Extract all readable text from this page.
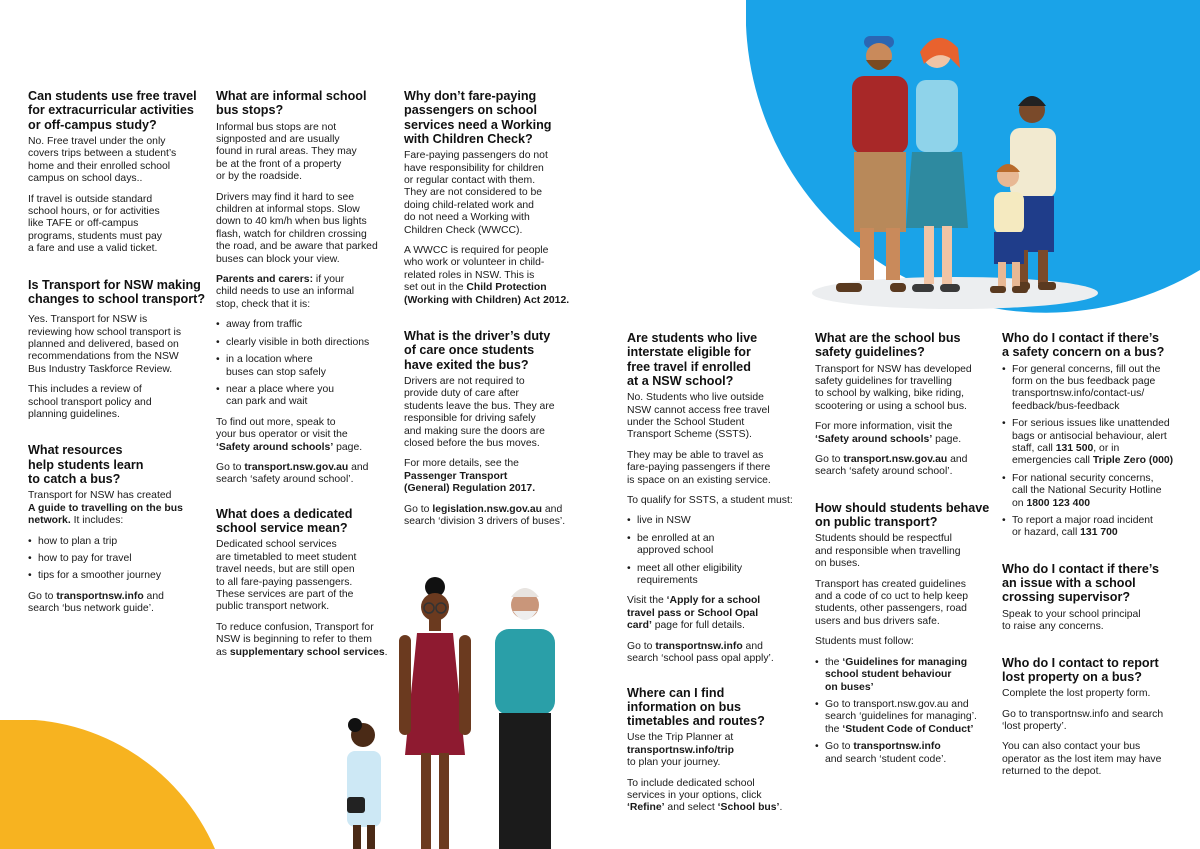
Can students use free travel
for extracurricular activities
or off-campus study?

No. Free travel under the only
covers trips between a student’s
home and their enrolled school
campus on school days..

If travel is outside standard
school hours, or for activities
like TAFE or off-campus
programs, students must pay
a fare and use a valid ticket.

Is Transport for NSW making
changes to school transport?

Yes. Transport for NSW is
reviewing how school transport is
planned and delivered, based on
recommendations from the NSW
Bus Industry Taskforce Review.

This includes a review of
school transport policy and
planning guidelines.

What resources
help students learn
to catch a bus?

Transport for NSW has created
A guide to travelling on the bus
network. It includes:

• how to plan a trip
• how to pay for travel
• tips for a smoother journey

Go to transportnsw.info and
search ‘bus network guide’.

What are informal school
bus stops?

Informal bus stops are not
signposted and are usually
found in rural areas. They may
be at the front of a property
or by the roadside.

Drivers may find it hard to see
children at informal stops. Slow
down to 40 km/h when bus lights
flash, watch for children crossing
the road, and be aware that parked
buses can block your view.

Parents and carers: if your
child needs to use an informal
stop, check that it is:

• away from traffic
• clearly visible in both directions
• in a location where
buses can stop safely
• near a place where you
can park and wait

To find out more, speak to
your bus operator or visit the
‘Safety around schools’ page.

Go to transport.nsw.gov.au and
search ‘safety around school’.

What does a dedicated
school service mean?

Dedicated school services
are timetabled to meet student
travel needs, but are still open
to all fare-paying passengers.
These services are part of the
public transport network.

To reduce confusion, Transport for
NSW is beginning to refer to them
as supplementary school services.

Why don’t fare-paying
passengers on school
services need a Working
with Children Check?

Fare-paying passengers do not
have responsibility for children
or regular contact with them.
They are not considered to be
doing child-related work and
do not need a Working with
Children Check (WWCC).

A WWCC is required for people
who work or volunteer in child-
related roles in NSW. This is
set out in the Child Protection
(Working with Children) Act 2012.

What is the driver’s duty
of care once students
have exited the bus?

Drivers are not required to
provide duty of care after
students leave the bus. They are
responsible for driving safely
and making sure the doors are
closed before the bus moves.

For more details, see the
Passenger Transport
(General) Regulation 2017.

Go to legislation.nsw.gov.au and
search ‘division 3 drivers of buses’.

Are students who live
interstate eligible for
free travel if enrolled
at a NSW school?

No. Students who live outside
NSW cannot access free travel
under the School Student
Transport Scheme (SSTS).

They may be able to travel as
fare-paying passengers if there
is space on an existing service.

To qualify for SSTS, a student must:

• live in NSW
• be enrolled at an
approved school
• meet all other eligibility
requirements

Visit the ‘Apply for a school
travel pass or School Opal
card’ page for full details.

Go to transportnsw.info and
search ‘school pass opal apply’.

Where can I find
information on bus
timetables and routes?

Use the Trip Planner at
transportnsw.info/trip
to plan your journey.

To include dedicated school
services in your options, click
‘Refine’ and select ‘School bus’.

What are the school bus
safety guidelines?

Transport for NSW has developed
safety guidelines for travelling
to school by walking, bike riding,
scootering or using a school bus.

For more information, visit the
‘Safety around schools’ page.

Go to transport.nsw.gov.au and
search ‘safety around school’.

How should students behave
on public transport?

Students should be respectful
and responsible when travelling
on buses.

Transport has created guidelines
and a code of co uct to help keep
students, other passengers, road
users and bus drivers safe.

Students must follow:

• the ‘Guidelines for managing
school student behaviour
on buses’
• Go to transport.nsw.gov.au and
search ‘guidelines for managing’.
the ‘Student Code of Conduct’
• Go to transportnsw.info
and search ‘student code’.
Who do I contact if there’s
a safety concern on a bus?
• For general concerns, fill out the
form on the bus feedback page
transportnsw.info/contact-us/
feedback/bus-feedback
• For serious issues like unattended
bags or antisocial behaviour, alert
staff, call 131 500, or in
emergencies call Triple Zero (000)
• For national security concerns,
call the National Security Hotline
on 1800 123 400
• To report a major road incident
or hazard, call 131 700
Who do I contact if there’s
an issue with a school
crossing supervisor?

Speak to your school principal
to raise any concerns.

Who do I contact to report
lost property on a bus?

Complete the lost property form.

Go to transportnsw.info and search
‘lost property’.

You can also contact your bus
operator as the lost item may have
returned to the depot.
